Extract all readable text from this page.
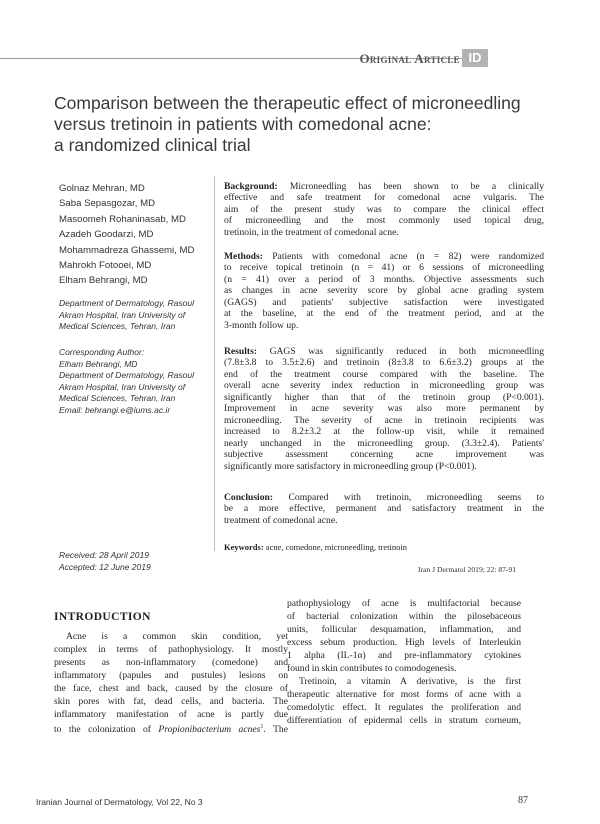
Original Article ID
Comparison between the therapeutic effect of microneedling
versus tretinoin in patients with comedonal acne:
a randomized clinical trial
Golnaz Mehran, MD
Saba Sepasgozar, MD
Masoomeh Rohaninasab, MD
Azadeh Goodarzi, MD
Mohammadreza Ghassemi, MD
Mahrokh Fotooei, MD
Elham Behrangi, MD
Department of Dermatology, Rasoul
Akram Hospital, Iran University of
Medical Sciences, Tehran, Iran
Corresponding Author:
Elham Behrangi, MD
Department of Dermatology, Rasoul
Akram Hospital, Iran University of
Medical Sciences, Tehran, Iran
Email: behrangi.e@iums.ac.ir
Received: 28 April 2019
Accepted: 12 June 2019
Background: Microneedling has been shown to be a clinically
effective and safe treatment for comedonal acne vulgaris. The
aim of the present study was to compare the clinical effect
of microneedling and the most commonly used topical drug,
tretinoin, in the treatment of comedonal acne.
Methods: Patients with comedonal acne (n = 82) were randomized
to receive topical tretinoin (n = 41) or 6 sessions of microneedling
(n = 41) over a period of 3 months. Objective assessments such
as changes in acne severity score by global acne grading system
(GAGS) and patients' subjective satisfaction were investigated
at the baseline, at the end of the treatment period, and at the
3-month follow up.
Results: GAGS was significantly reduced in both microneedling
(7.8±3.8 to 3.5±2.6) and tretinoin (8±3.8 to 6.6±3.2) groups at the
end of the treatment course compared with the baseline. The
overall acne severity index reduction in microneedling group was
significantly higher than that of the tretinoin group (P<0.001).
Improvement in acne severity was also more permanent by
microneedling. The severity of acne in tretinoin recipients was
increased to 8.2±3.2 at the follow-up visit, while it remained
nearly unchanged in the microneedling group. (3.3±2.4). Patients'
subjective assessment concerning acne improvement was
significantly more satisfactory in microneedling group (P<0.001).
Conclusion: Compared with tretinoin, microneedling seems to
be a more effective, permanent and satisfactory treatment in the
treatment of comedonal acne.
Keywords: acne, comedone, microneedling, tretinoin
Iran J Dermatol 2019; 22: 87-91
INTRODUCTION
Acne is a common skin condition, yet
complex in terms of pathophysiology. It mostly
presents as non-inflammatory (comedone) and
inflammatory (papules and pustules) lesions on
the face, chest and back, caused by the closure of
skin pores with fat, dead cells, and bacteria. The
inflammatory manifestation of acne is partly due
to the colonization of Propionibacterium acnes$^1$. The
pathophysiology of acne is multifactorial because
of bacterial colonization within the pilosebaceous
units, follicular desquamation, inflammation, and
excess sebum production. High levels of Interleukin
1 alpha (IL-1α) and pre-inflammatory cytokines
found in skin contributes to comodogenesis.
Tretinoin, a vitamin A derivative, is the first
therapeutic alternative for most forms of acne with a
comedolytic effect. It regulates the proliferation and
differentiation of epidermal cells in stratum corneum,
Iranian Journal of Dermatology, Vol 22, No 3	87
